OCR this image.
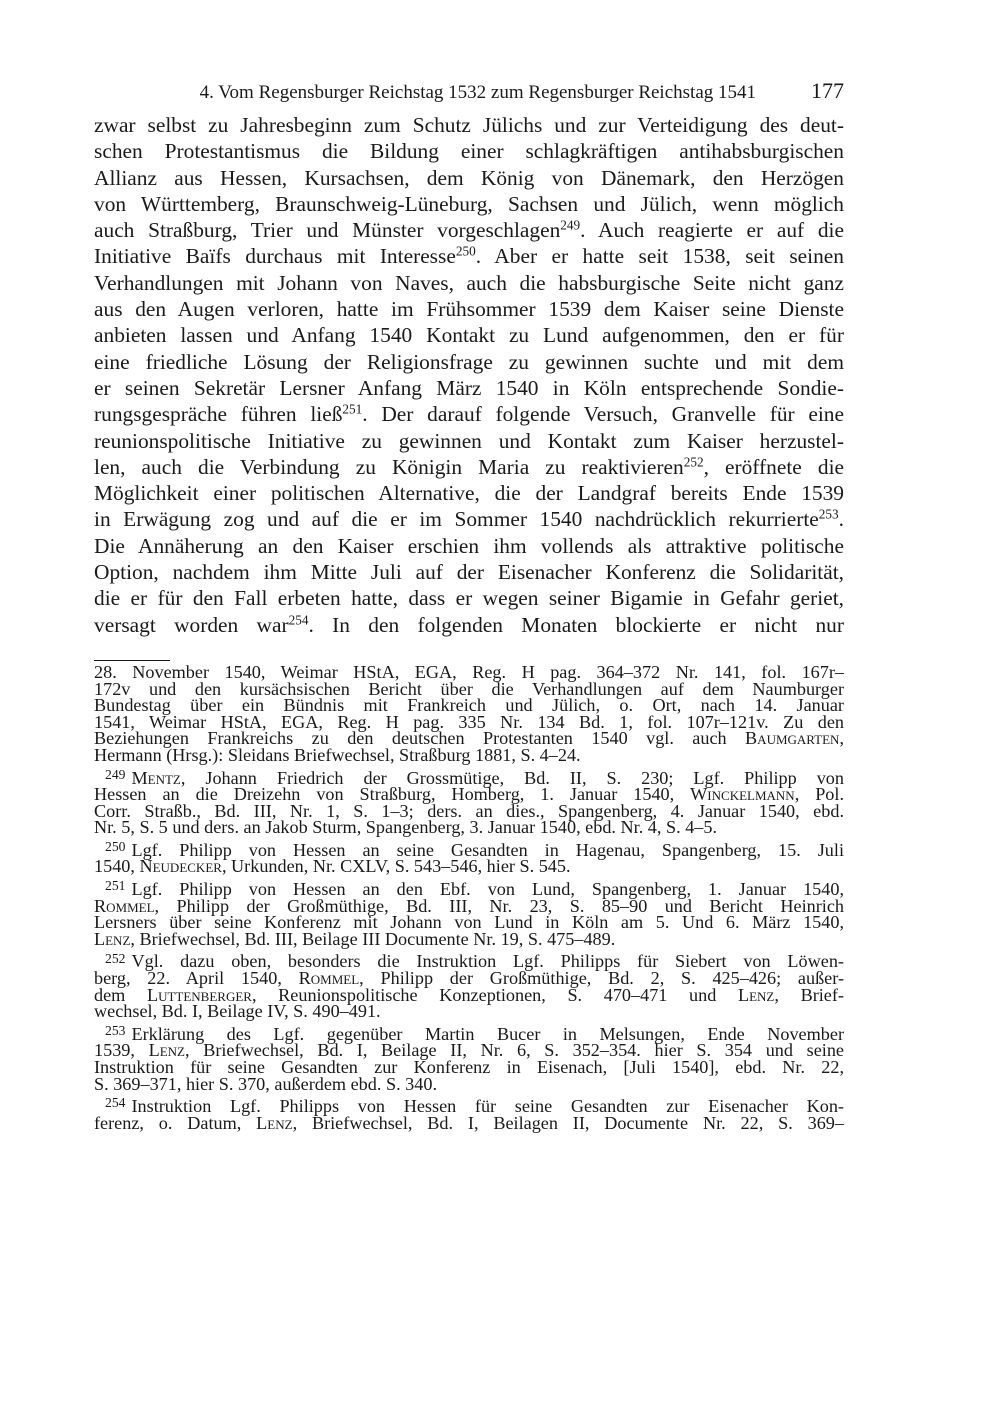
4. Vom Regensburger Reichstag 1532 zum Regensburger Reichstag 1541	177
zwar selbst zu Jahresbeginn zum Schutz Jülichs und zur Verteidigung des deut-
schen Protestantismus die Bildung einer schlagkräftigen antihabsburgischen
Allianz aus Hessen, Kursachsen, dem König von Dänemark, den Herzögen
von Württemberg, Braunschweig-Lüneburg, Sachsen und Jülich, wenn möglich
auch Straßburg, Trier und Münster vorgeschlagen$^{249}$. Auch reagierte er auf die
Initiative Baïfs durchaus mit Interesse$^{250}$. Aber er hatte seit 1538, seit seinen
Verhandlungen mit Johann von Naves, auch die habsburgische Seite nicht ganz
aus den Augen verloren, hatte im Frühsommer 1539 dem Kaiser seine Dienste
anbieten lassen und Anfang 1540 Kontakt zu Lund aufgenommen, den er für
eine friedliche Lösung der Religionsfrage zu gewinnen suchte und mit dem
er seinen Sekretär Lersner Anfang März 1540 in Köln entsprechende Sondie-
rungsgespräche führen ließ$^{251}$. Der darauf folgende Versuch, Granvelle für eine
reunionspolitische Initiative zu gewinnen und Kontakt zum Kaiser herzustel-
len, auch die Verbindung zu Königin Maria zu reaktivieren$^{252}$, eröffnete die
Möglichkeit einer politischen Alternative, die der Landgraf bereits Ende 1539
in Erwägung zog und auf die er im Sommer 1540 nachdrücklich rekurrierte$^{253}$.
Die Annäherung an den Kaiser erschien ihm vollends als attraktive politische
Option, nachdem ihm Mitte Juli auf der Eisenacher Konferenz die Solidarität,
die er für den Fall erbeten hatte, dass er wegen seiner Bigamie in Gefahr geriet,
versagt worden war$^{254}$. In den folgenden Monaten blockierte er nicht nur
28. November 1540, Weimar HStA, EGA, Reg. H pag. 364–372 Nr. 141, fol. 167r–
172v und den kursächsischen Bericht über die Verhandlungen auf dem Naumburger
Bundestag über ein Bündnis mit Frankreich und Jülich, o. Ort, nach 14. Januar
1541, Weimar HStA, EGA, Reg. H pag. 335 Nr. 134 Bd. 1, fol. 107r–121v. Zu den
Beziehungen Frankreichs zu den deutschen Protestanten 1540 vgl. auch Baumgarten,
Hermann (Hrsg.): Sleidans Briefwechsel, Straßburg 1881, S. 4–24.
$^{249}$ Mentz, Johann Friedrich der Grossmütige, Bd. II, S. 230; Lgf. Philipp von
Hessen an die Dreizehn von Straßburg, Homberg, 1. Januar 1540, Winckelmann, Pol.
Corr. Straßb., Bd. III, Nr. 1, S. 1–3; ders. an dies., Spangenberg, 4. Januar 1540, ebd.
Nr. 5, S. 5 und ders. an Jakob Sturm, Spangenberg, 3. Januar 1540, ebd. Nr. 4, S. 4–5.
$^{250}$ Lgf. Philipp von Hessen an seine Gesandten in Hagenau, Spangenberg, 15. Juli
1540, Neudecker, Urkunden, Nr. CXLV, S. 543–546, hier S. 545.
$^{251}$ Lgf. Philipp von Hessen an den Ebf. von Lund, Spangenberg, 1. Januar 1540,
Rommel, Philipp der Großmüthige, Bd. III, Nr. 23, S. 85–90 und Bericht Heinrich
Lersners über seine Konferenz mit Johann von Lund in Köln am 5. Und 6. März 1540,
Lenz, Briefwechsel, Bd. III, Beilage III Documente Nr. 19, S. 475–489.
$^{252}$ Vgl. dazu oben, besonders die Instruktion Lgf. Philipps für Siebert von Löwen-
berg, 22. April 1540, Rommel, Philipp der Großmüthige, Bd. 2, S. 425–426; außer-
dem Luttenberger, Reunionspolitische Konzeptionen, S. 470–471 und Lenz, Brief-
wechsel, Bd. I, Beilage IV, S. 490–491.
$^{253}$ Erklärung des Lgf. gegenüber Martin Bucer in Melsungen, Ende November
1539, Lenz, Briefwechsel, Bd. I, Beilage II, Nr. 6, S. 352–354. hier S. 354 und seine
Instruktion für seine Gesandten zur Konferenz in Eisenach, [Juli 1540], ebd. Nr. 22,
S. 369–371, hier S. 370, außerdem ebd. S. 340.
$^{254}$ Instruktion Lgf. Philipps von Hessen für seine Gesandten zur Eisenacher Kon-
ferenz, o. Datum, Lenz, Briefwechsel, Bd. I, Beilagen II, Documente Nr. 22, S. 369–
